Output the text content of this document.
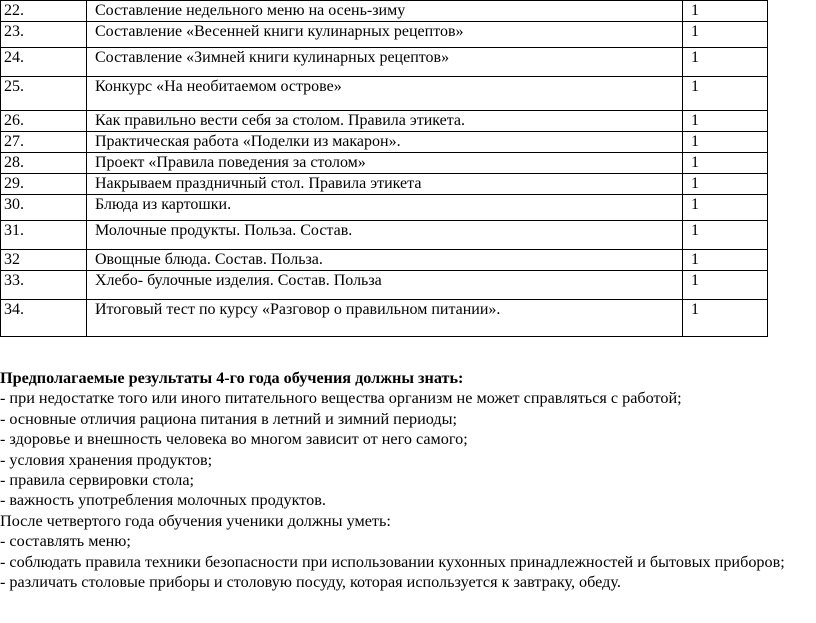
22.	Составление недельного меню на осень-зиму	1
23.	Составление «Весенней книги кулинарных рецептов»	1
24.	Составление «Зимней книги кулинарных рецептов»	1
25.	Конкурс «На необитаемом острове»	1
26.	Как правильно вести себя за столом. Правила этикета.	1
27.	Практическая работа «Поделки из макарон».	1
28.	Проект «Правила поведения за столом»	1
29.	Накрываем праздничный стол. Правила этикета	1
30.	Блюда из картошки.	1
31.	Молочные продукты. Польза. Состав.	1
32	Овощные блюда. Состав. Польза.	1
33.	Хлебо- булочные изделия. Состав. Польза	1
34.	Итоговый тест по курсу «Разговор о правильном питании».	1

Предполагаемые результаты 4-го года обучения должны знать:

- при недостатке того или иного питательного вещества организм не может справляться с работой;

- основные отличия рациона питания в летний и зимний периоды;

- здоровье и внешность человека во многом зависит от него самого;

- условия хранения продуктов;

- правила сервировки стола;

- важность употребления молочных продуктов.

После четвертого года обучения ученики должны уметь:

- составлять меню;

- соблюдать правила техники безопасности при использовании кухонных принадлежностей и бытовых приборов;

- различать столовые приборы и столовую посуду, которая используется к завтраку, обеду.
